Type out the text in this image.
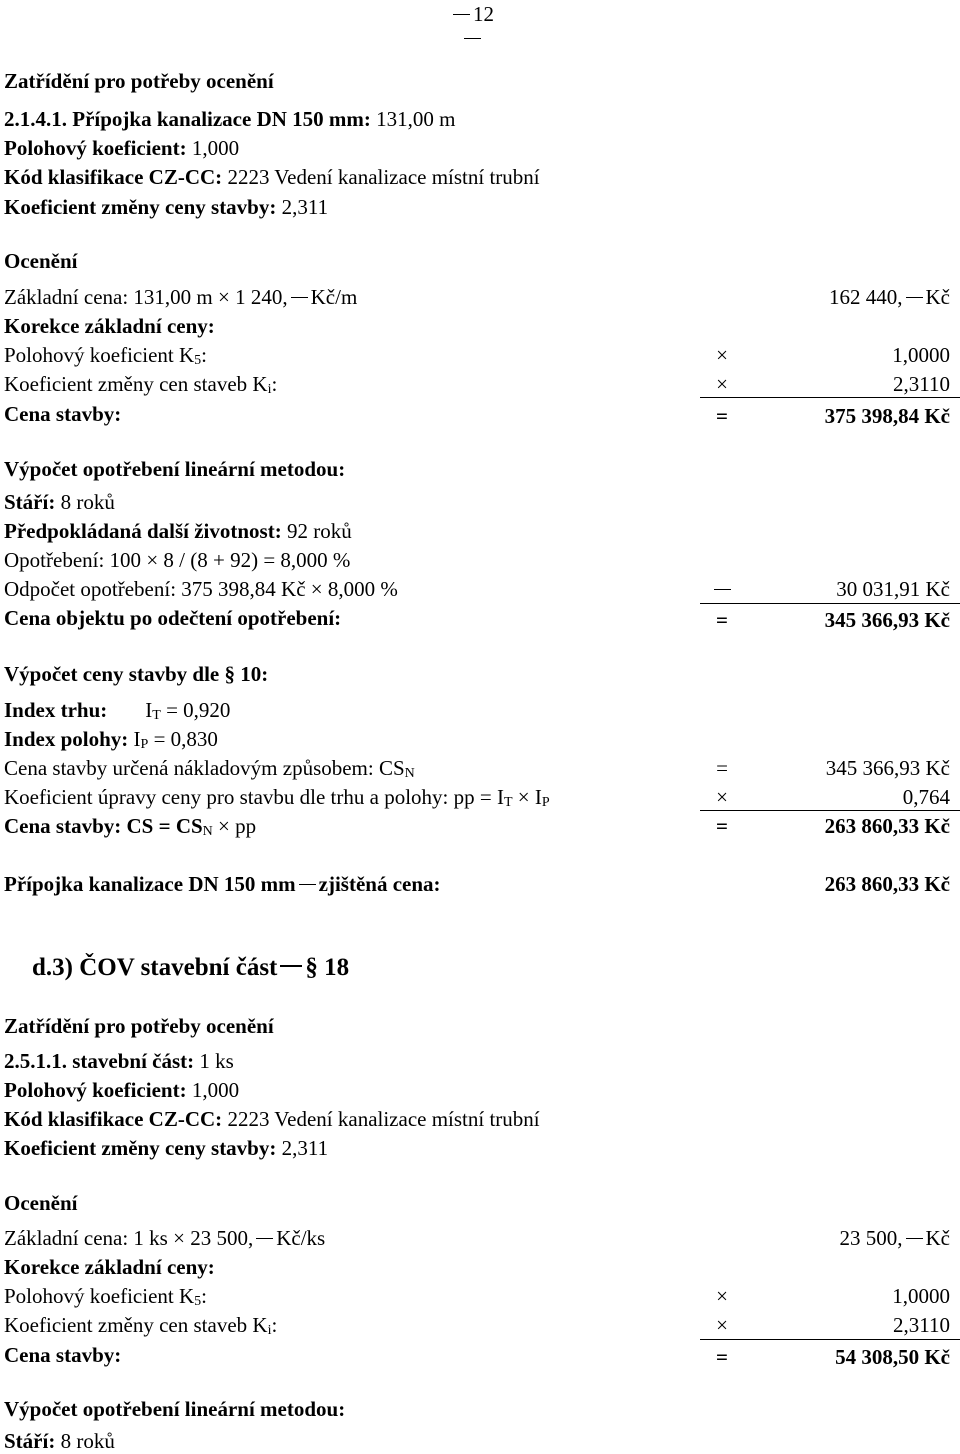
12
Zatřídění pro potřeby ocenění
2.1.4.1. Přípojka kanalizace DN 150 mm: 131,00 m
Polohový koeficient: 1,000
Kód klasifikace CZ-CC: 2223 Vedení kanalizace místní trubní
Koeficient změny ceny stavby: 2,311
Ocenění
Základní cena: 131,00 m × 1 240, Kč/m	162 440, Kč
Korekce základní ceny:
Polohový koeficient K5:	×	1,0000
Koeficient změny cen staveb Ki:	×	2,3110
Cena stavby:	=	375 398,84 Kč
Výpočet opotřebení lineární metodou:
Stáří: 8 roků
Předpokládaná další životnost: 92 roků
Opotřebení: 100 × 8 / (8 + 92) = 8,000 %
Odpočet opotřebení: 375 398,84 Kč × 8,000 %	30 031,91 Kč
Cena objektu po odečtení opotřebení:	=	345 366,93 Kč
Výpočet ceny stavby dle § 10:
Index trhu: IT = 0,920
Index polohy: IP = 0,830
Cena stavby určená nákladovým způsobem: CSN	=	345 366,93 Kč
Koeficient úpravy ceny pro stavbu dle trhu a polohy: pp = IT × IP	×	0,764
Cena stavby: CS = CSN × pp	=	263 860,33 Kč
Přípojka kanalizace DN 150 mm zjištěná cena:	263 860,33 Kč
d.3) ČOV stavební část § 18
Zatřídění pro potřeby ocenění
2.5.1.1. stavební část: 1 ks
Polohový koeficient: 1,000
Kód klasifikace CZ-CC: 2223 Vedení kanalizace místní trubní
Koeficient změny ceny stavby: 2,311
Ocenění
Základní cena: 1 ks × 23 500, Kč/ks	23 500, Kč
Korekce základní ceny:
Polohový koeficient K5:	×	1,0000
Koeficient změny cen staveb Ki:	×	2,3110
Cena stavby:	=	54 308,50 Kč
Výpočet opotřebení lineární metodou:
Stáří: 8 roků
